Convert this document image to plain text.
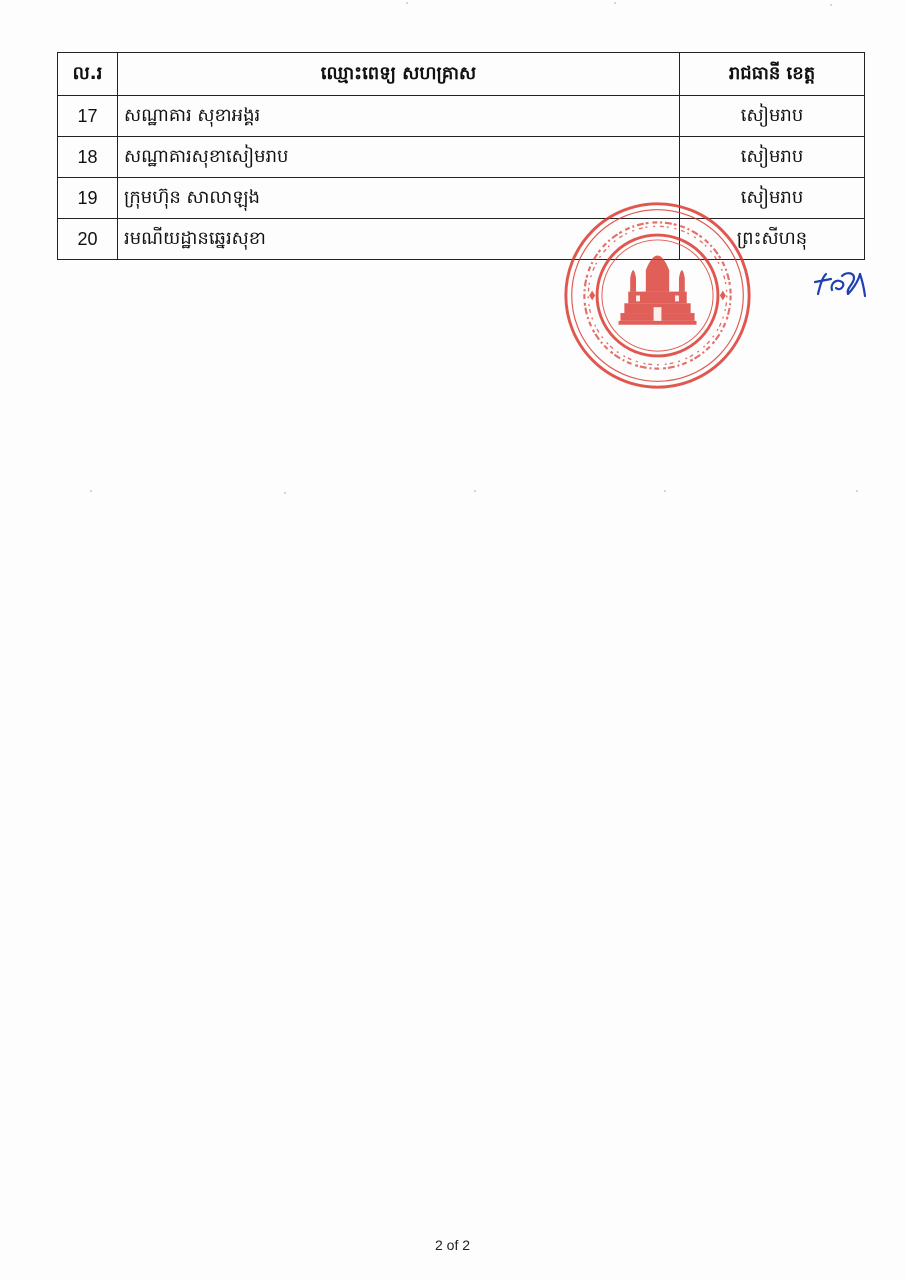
ល.រ	ឈ្មោះពេទ្យ សហគ្រាស	រាជធានី ខេត្ត
17	សណ្ឋាគារ សុខាអង្គរ	សៀមរាប
18	សណ្ឋាគារសុខាសៀមរាប	សៀមរាប
19	ក្រុមហ៊ុន សាលាឡុង	សៀមរាប
20	រមណីយដ្ឋានឆ្នេរសុខា	ព្រះសីហនុ
2 of 2
